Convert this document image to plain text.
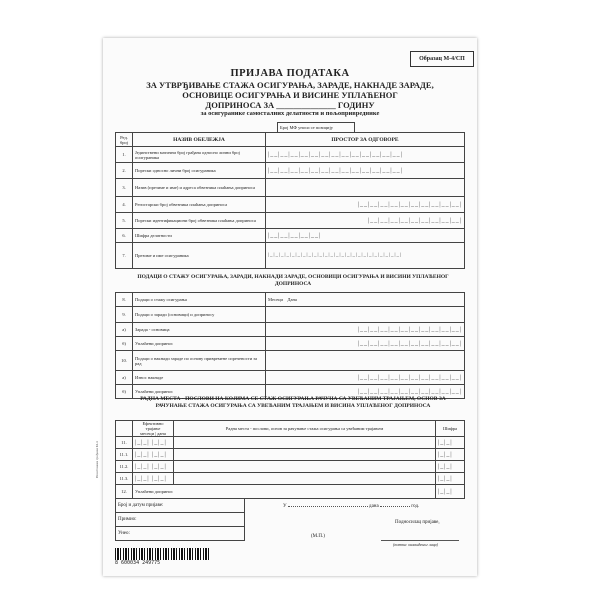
Образац М-4/СП
ПРИЈАВА ПОДАТАКА
ЗА УТВРЂИВАЊЕ СТАЖА ОСИГУРАЊА, ЗАРАДЕ, НАКНАДЕ ЗАРАДЕ,
ОСНОВИЦЕ ОСИГУРАЊА И ВИСИНЕ УПЛАЋЕНОГ
ДОПРИНОСА ЗА ______________ ГОДИНУ
за осигуранике самосталних делатности и пољопривреднике
Број МФ уноси се позицију
Ред. број	НАЗИВ ОБЕЛЕЖЈА	ПРОСТОР ЗА ОДГОВОРЕ
1.	Јединствени матични број грађана односно лични број осигураника	|__|__|__|__|__|__|__|__|__|__|__|__|__|
2.	Порески односно лични број осигураника	|__|__|__|__|__|__|__|__|__|__|__|__|__|
3.	Назив (презиме и име) и адреса обвезника плаћања доприноса	
4.	Регистарски број обвезника плаћања доприноса	|__|__|__|__|__|__|__|__|__|__|
5.	Порески идентификациони број обвезника плаћања доприноса	|__|__|__|__|__|__|__|__|__|
6.	Шифра делатности	|__|__|__|__|__|
7.	Презиме и име осигураника	|_|_|_|_|_|_|_|_|_|_|_|_|_|_|_|_|_|_|_|_|_|_|_|_|
ПОДАЦИ О СТАЖУ ОСИГУРАЊА, ЗАРАДИ, НАКНАДИ ЗАРАДЕ, ОСНОВИЦИ ОСИГУРАЊА И ВИСИНИ УПЛАЋЕНОГ ДОПРИНОСА
8.	Подаци о стажу осигурања	Месеци Дана
9.	Подаци о заради (основици) и доприносу	
а)	Зарада - основица	|__|__|__|__|__|__|__|__|__|__|
б)	Уплаћени допринос	|__|__|__|__|__|__|__|__|__|__|
10.	Подаци о накнади зараде по основу привремене спречености за рад	
а)	Износ накнаде	|__|__|__|__|__|__|__|__|__|__|
б)	Уплаћени допринос	|__|__|__|__|__|__|__|__|__|__|
РАДНА МЕСТА - ПОСЛОВИ НА КОЈИМА СЕ СТАЖ ОСИГУРАЊА РАЧУНА СА УВЕЋАНИМ ТРАЈАЊЕМ, ОСНОВ ЗА РАЧУНАЊЕ СТАЖА ОСИГУРАЊА СА УВЕЋАНИМ ТРАЈАЊЕМ И ВИСИНА УПЛАЋЕНОГ ДОПРИНОСА

	Ефективно трајање
месеци | дана	Радна места - послови, основ за рачунање стажа осигурања са увећаним трајањем	Шифра
11.	|_|_| |_|_|		|_|_|
11.1.	|_|_| |_|_|		|_|_|
11.2.	|_|_| |_|_|		|_|_|
11.3.	|_|_| |_|_|		|_|_|
12.	Уплаћени допринос		|_|_|
Број и датум пријаве:
Примио:
Унео:
У	дана	год.
Подносилац пријаве,
(М.П.)
(потпис овлашћеног лица)
Поштовани грађани М-4
8 600034 249775
